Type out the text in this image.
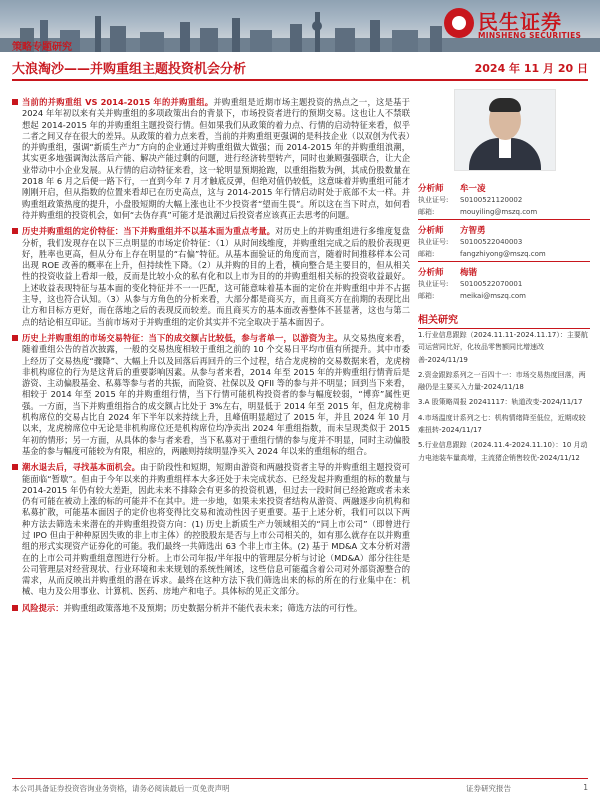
民生证券
MINSHENG SECURITIES
策略专题研究
大浪淘沙——并购重组主题投资机会分析	2024 年 11 月 20 日
当前的并购重组 VS 2014-2015 年的并购重组。并购重组是近期市场主题投资的热点之一，这是基于 2024 年年初以来有关并购重组的多项政策出台的背景下，市场投资者进行的预期交易。这也让人不禁联想起 2014-2015 年的并购重组主题投资行情。但如果我们从政策的着力点、行情的启动特征来看，似乎二者之间又存在很大的差异。从政策的着力点来看，当前的并购重组更强调的是科技企业（以双创为代表）的并购重组，强调“新质生产力”方向的企业通过并购重组做大做强；而 2014-2015 年的并购重组浪潮，其实更多地强调淘汰落后产能、解决产能过剩的问题，进行经济转型转产，同时也兼顾强强联合，让大企业带动中小企业发展。从行情的启动特征来看，这一轮明显预期抢跑，以重组指数为例，其成份股数量在 2018 年 6 月之后便一路下行，一直到今年 7 月才触底反弹，但绝对值仍较低，这意味着并购重组可能才刚刚开启，但从指数的位置来看却已在历史高点，这与 2014-2015 年行情启动时处于底部不太一样。并购重组政策热度的提升，小盘股短期的大幅上涨也让不少投资者“望而生畏”。所以这在当下时点，如何看待并购重组的投资机会，如何“去伪存真”可能才是浪潮过后投资者应该真正去思考的问题。
历史并购重组的定价特征：当下并购重组并不以基本面为重点考量。对历史上的并购重组进行多维度复盘分析，我们发现存在以下三点明显的市场定价特征：（1）从时间线维度，并购重组完成之后的股价表现更好，胜率也更高，但从分布上存在明显的“右偏”特征。从基本面验证的角度而言，随着时间推移样本公司出现 ROE 改善的概率在上升，但持续性下降。（2）从并购的目的上看，横向整合是主要目的，但从相关性的投资收益上看却一般，反而是比较小众的私有化和以上市为目的的并购重组相关标的投资收益最好。上述收益表现特征与基本面的变化特征并不一一匹配，这可能意味着基本面的定价在并购重组中并不占据主导，这也符合认知。（3）从参与方角色的分析来看，大部分都是商买方，而且商买方在前期的表现比出让方和目标方更好，而在落地之后的表现反而较差。而且商买方的基本面改善整体不甚显著，这也与第二点的结论相互印证。当前市场对于并购重组的定价其实并不完全取决于基本面因子。
历史上并购重组的市场交易特征：当下的成交额占比较低，参与者单一，以游资为主。从交易热度来看，随着重组公告的首次披露，一般的交易热度相较于重组之前的 10 个交易日平均市值有所提升。其中市委上经历了交易热度“骤降”、大幅上升以及回落后再回升的三个过程，结合龙虎榜的交易数据来看，龙虎榜非机构席位的行为是这背后的重要影响因素。从参与者来看，2014 年至 2015 年的并购重组行情背后是游资、主动偏股基金、私募等参与者的共振，而险资、社保以及 QFII 等的参与并不明显；回到当下来看，相较于 2014 年至 2015 年的并购重组行情，当下行情可能机构投资者的参与幅度较弱，“博弈”属性更强。一方面，当下并购重组指合的成交额占比处于 3%左右，明显低于 2014 年至 2015 年，但龙虎榜非机构席位的交易占比自 2024 年下半年以来持续上升，且峰值明显超过了 2015 年，并且 2024 年 10 月以来，龙虎榜席位中无论是非机构席位还是机构席位均净卖出 2024 年重组指数，而未呈现类似于 2015 年初的情形；另一方面，从具体的参与者来看，当下私募对于重组行情的参与度并不明显，同时主动偏股基金的参与幅度可能较为有限，相应的，两融则持续明显净买入 2024 年以来的重组标的组合。
潮水退去后，寻找基本面机会。由于阶段性和短期，短期由游资和两融投资者主导的并购重组主题投资可能面临“暂歇”。但由于今年以来的并购重组样本大多还处于未完成状态、已经发起并购重组的标的数量与 2014-2015 年仍有较大差距，因此未来不排除会有更多的投资机遇，但过去一段时间已经抢跑或者未来仍有可能在被动上涨的标的可能并不在其中。进一步地，如果未来投资者结构从游资、两融逐步向机构和私募扩散，可能基本面因子的定价也将变得比交易和流动性因子更重要。基于上述分析，我们可以以下两种方法去筛选未来潜在的并购重组投资方向：(1) 历史上新质生产力领域相关的“同上市公司”（即曾进行过 IPO 但由于种种原因失败的非上市主体）的控股股东是否与上市公司相关的，如有那么就存在以并购重组的形式实现资产证券化的可能。我们最终一共筛选出 63 个非上市主体。(2) 基于 MD&A 文本分析对潜在的上市公司并购重组意图进行分析。上市公司年报/半年报中的管理层分析与讨论（MD&A）部分往往是公司管理层对经营现状、行业环境和未来规划的系统性阐述，这些信息可能蕴含着公司对外部资源整合的需求，从而反映出并购重组的潜在诉求。最终在这种方法下我们筛选出来的标的所在的行业集中在：机械、电力及公用事业、计算机、医药、房地产和电子。具体标的见正文部分。
风险提示：并购重组政策落地不及预期；历史数据分析并不能代表未来；筛选方法的可行性。
分析师	牟一凌
执业证号:	S0100521120002
邮箱:	mouyiling@mszq.com
分析师	方智勇
执业证号:	S0100522040003
邮箱:	fangzhiyong@mszq.com
分析师	梅锴
执业证号:	S0100522070001
邮箱:	meikai@mszq.com
相关研究
1.行业信息跟踪（2024.11.11-2024.11.17）：主要航司运营同比好，化妆品零售额同比增速改善-2024/11/19
2.资金跟踪系列之一百四十一：市场交易热度回落，两融仍是主要买入力量-2024/11/18
3.A 股策略周报 20241117：轨道改变-2024/11/17
4.市场温度计系列之七：机构情绪降至低位，近期或较难扭转-2024/11/17
5.行业信息跟踪（2024.11.4-2024.11.10）：10 月动力电池装车量高增，主流猪企销售较优-2024/11/12
本公司具备证券投资咨询业务资格，请务必阅读最后一页免责声明	证券研究报告	1
